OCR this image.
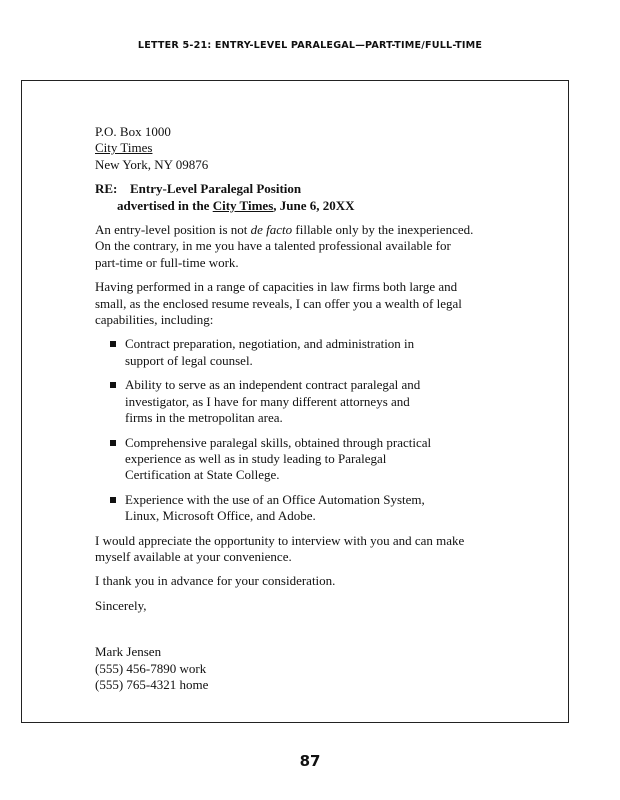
LETTER 5-21: ENTRY-LEVEL PARALEGAL—PART-TIME/FULL-TIME
P.O. Box 1000
City Times
New York, NY 09876
RE: Entry-Level Paralegal Position
advertised in the City Times, June 6, 20XX
An entry-level position is not de facto fillable only by the inexperienced.
On the contrary, in me you have a talented professional available for
part-time or full-time work.
Having performed in a range of capacities in law firms both large and
small, as the enclosed resume reveals, I can offer you a wealth of legal
capabilities, including:
Contract preparation, negotiation, and administration in
support of legal counsel.
Ability to serve as an independent contract paralegal and
investigator, as I have for many different attorneys and
firms in the metropolitan area.
Comprehensive paralegal skills, obtained through practical
experience as well as in study leading to Paralegal
Certification at State College.
Experience with the use of an Office Automation System,
Linux, Microsoft Office, and Adobe.
I would appreciate the opportunity to interview with you and can make
myself available at your convenience.
I thank you in advance for your consideration.
Sincerely,
Mark Jensen
(555) 456-7890 work
(555) 765-4321 home
87
